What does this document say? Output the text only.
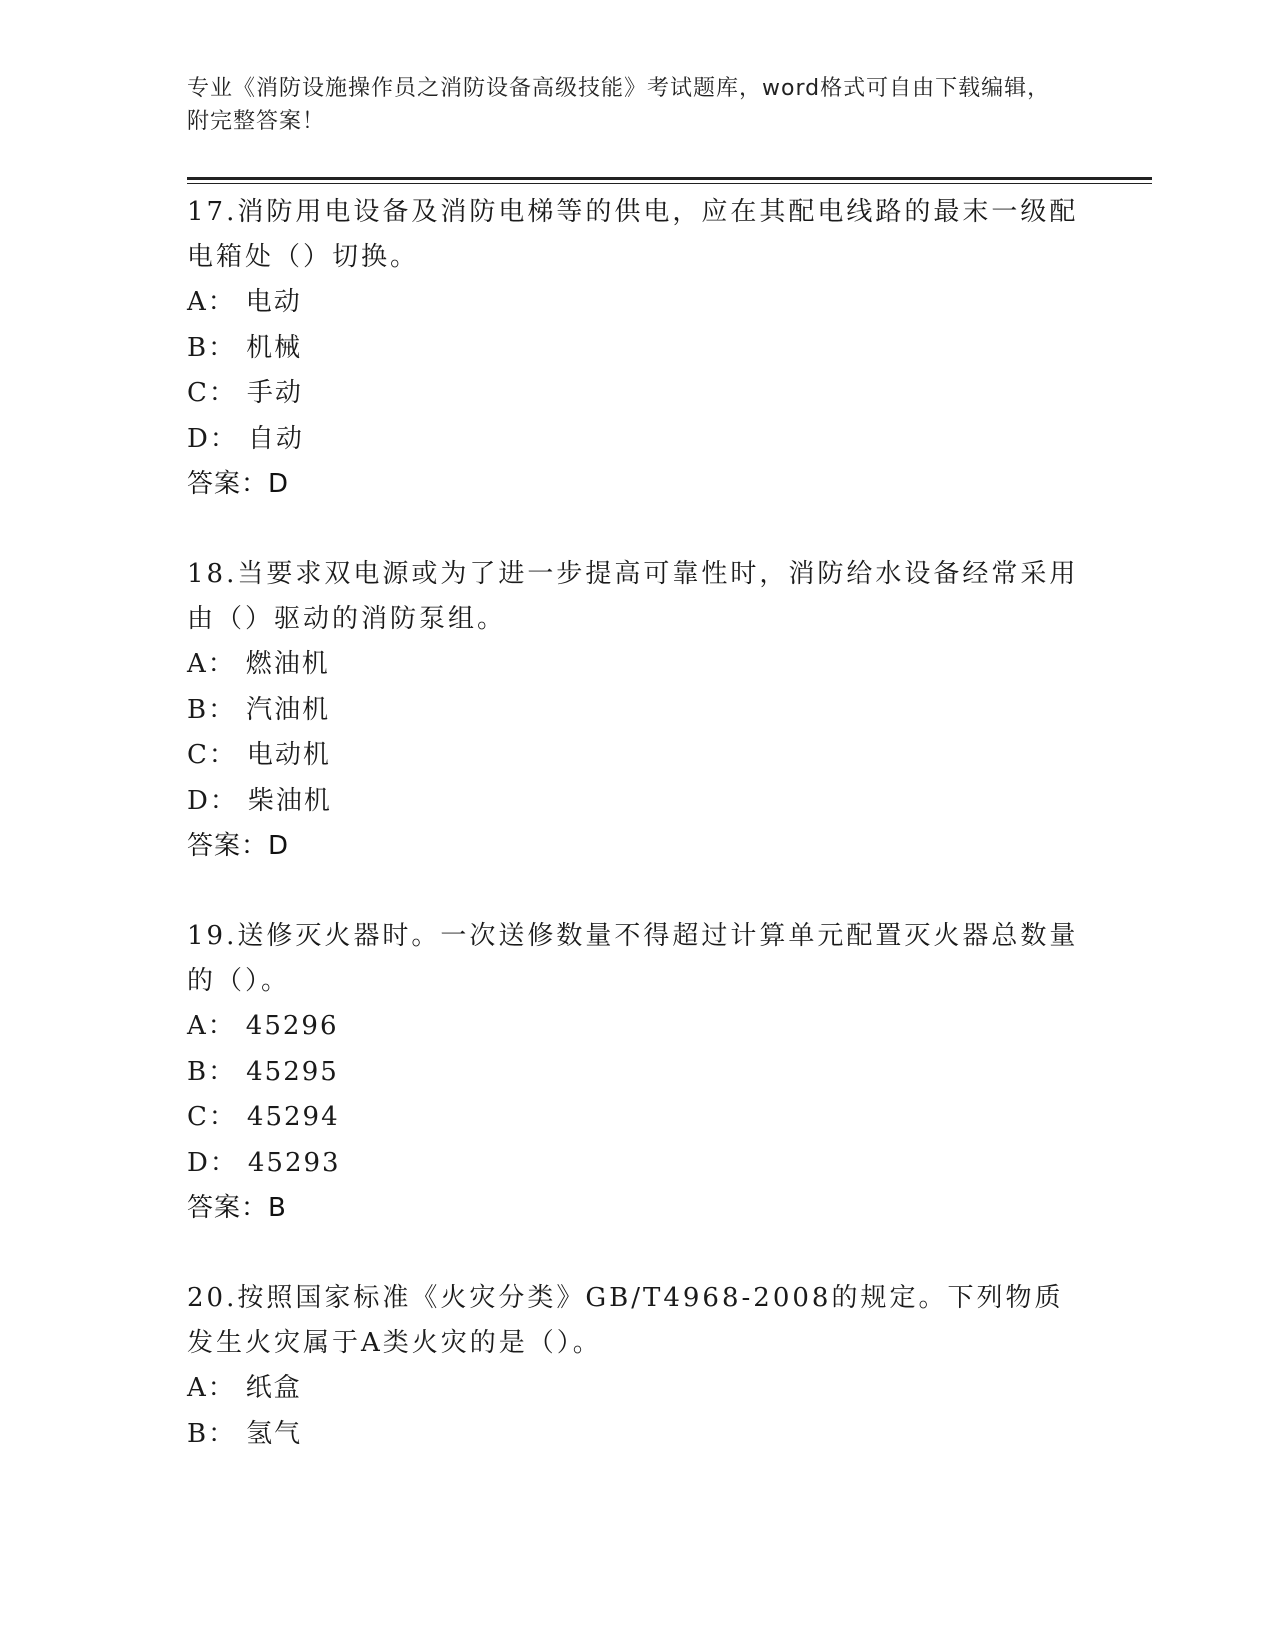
专业《消防设施操作员之消防设备高级技能》考试题库，word格式可自由下载编辑，附完整答案！
17.消防用电设备及消防电梯等的供电，应在其配电线路的最末一级配电箱处（）切换。
A： 电动
B： 机械
C： 手动
D： 自动
答案：D
18.当要求双电源或为了进一步提高可靠性时，消防给水设备经常采用由（）驱动的消防泵组。
A： 燃油机
B： 汽油机
C： 电动机
D： 柴油机
答案：D
19.送修灭火器时。一次送修数量不得超过计算单元配置灭火器总数量的（）。
A： 45296
B： 45295
C： 45294
D： 45293
答案：B
20.按照国家标准《火灾分类》GB/T4968-2008的规定。下列物质发生火灾属于A类火灾的是（）。
A： 纸盒
B： 氢气
